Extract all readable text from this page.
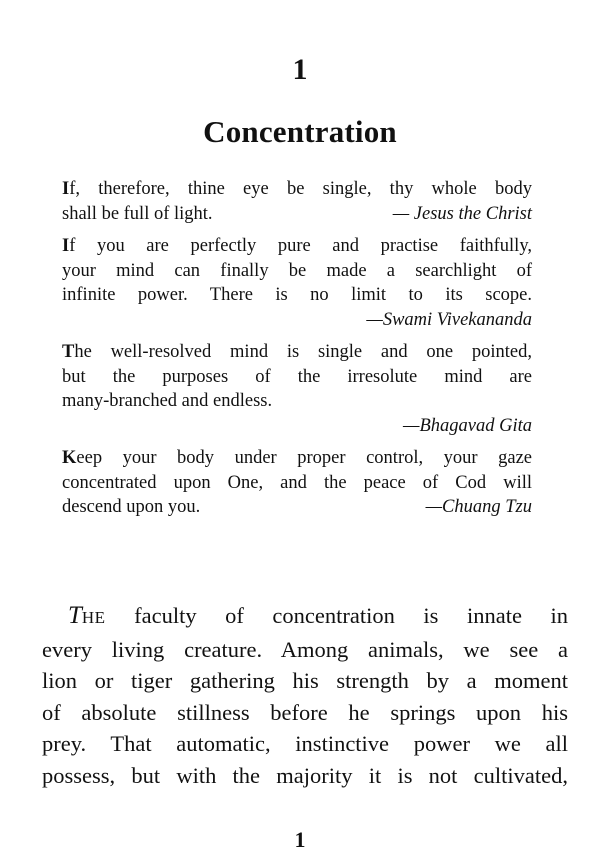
1
Concentration
If, therefore, thine eye be single, thy whole body
shall be full of light.	— Jesus the Christ
If you are perfectly pure and practise faithfully,
your mind can finally be made a searchlight of
infinite power. There is no limit to its scope.
—Swami Vivekananda
The well-resolved mind is single and one pointed,
but the purposes of the irresolute mind are
many-branched and endless.
—Bhagavad Gita
Keep your body under proper control, your gaze
concentrated upon One, and the peace of Cod will
descend upon you.	—Chuang Tzu
THE faculty of concentration is innate in
every living creature. Among animals, we see a
lion or tiger gathering his strength by a moment
of absolute stillness before he springs upon his
prey. That automatic, instinctive power we all
possess, but with the majority it is not cultivated,
1
